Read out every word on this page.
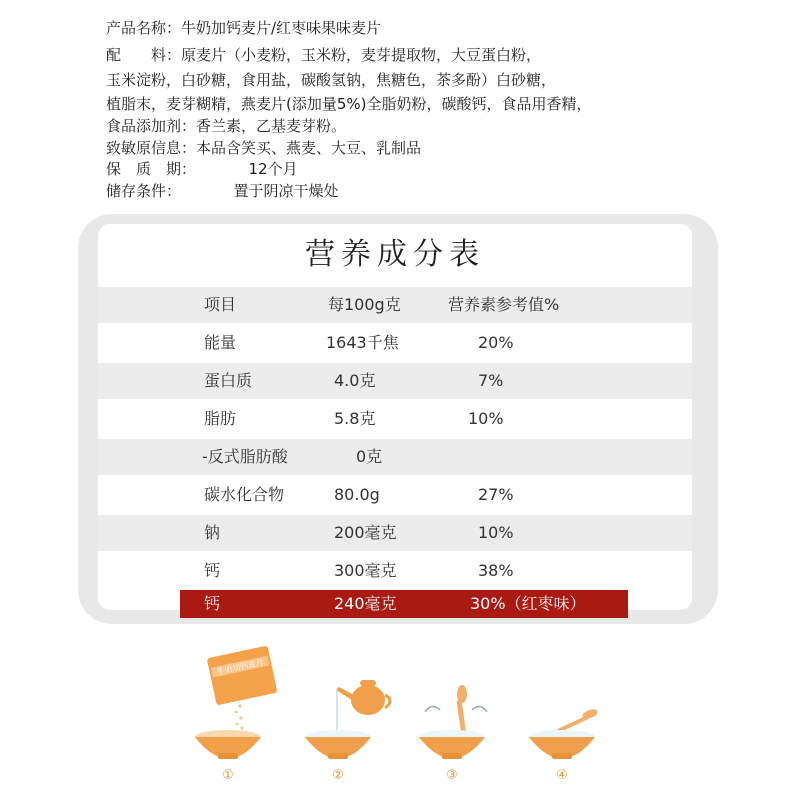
产品名称：牛奶加钙麦片/红枣味果味麦片
配　　料：原麦片（小麦粉，玉米粉，麦芽提取物，大豆蛋白粉，
玉米淀粉，白砂糖，食用盐，碳酸氢钠，焦糖色，茶多酚）白砂糖，
植脂末，麦芽糊精，燕麦片(添加量5%)全脂奶粉，碳酸钙，食品用香精，
食品添加剂：香兰素，乙基麦芽粉。
致敏原信息：本品含笑买、燕麦、大豆、乳制品
保　质　期：　　　　12个月
储存条件：　　　　置于阴凉干燥处
营养成分表
项目	每100g克	营养素参考值%
能量	1643千焦	20%
蛋白质	4.0克	7%
脂肪	5.8克	10%
-反式脂肪酸	0克
碳水化合物	80.0g	27%
钠	200毫克	10%
钙	300毫克	38%
钙	240毫克	30%（红枣味）
牛奶加钙麦片
①	②	③	④
